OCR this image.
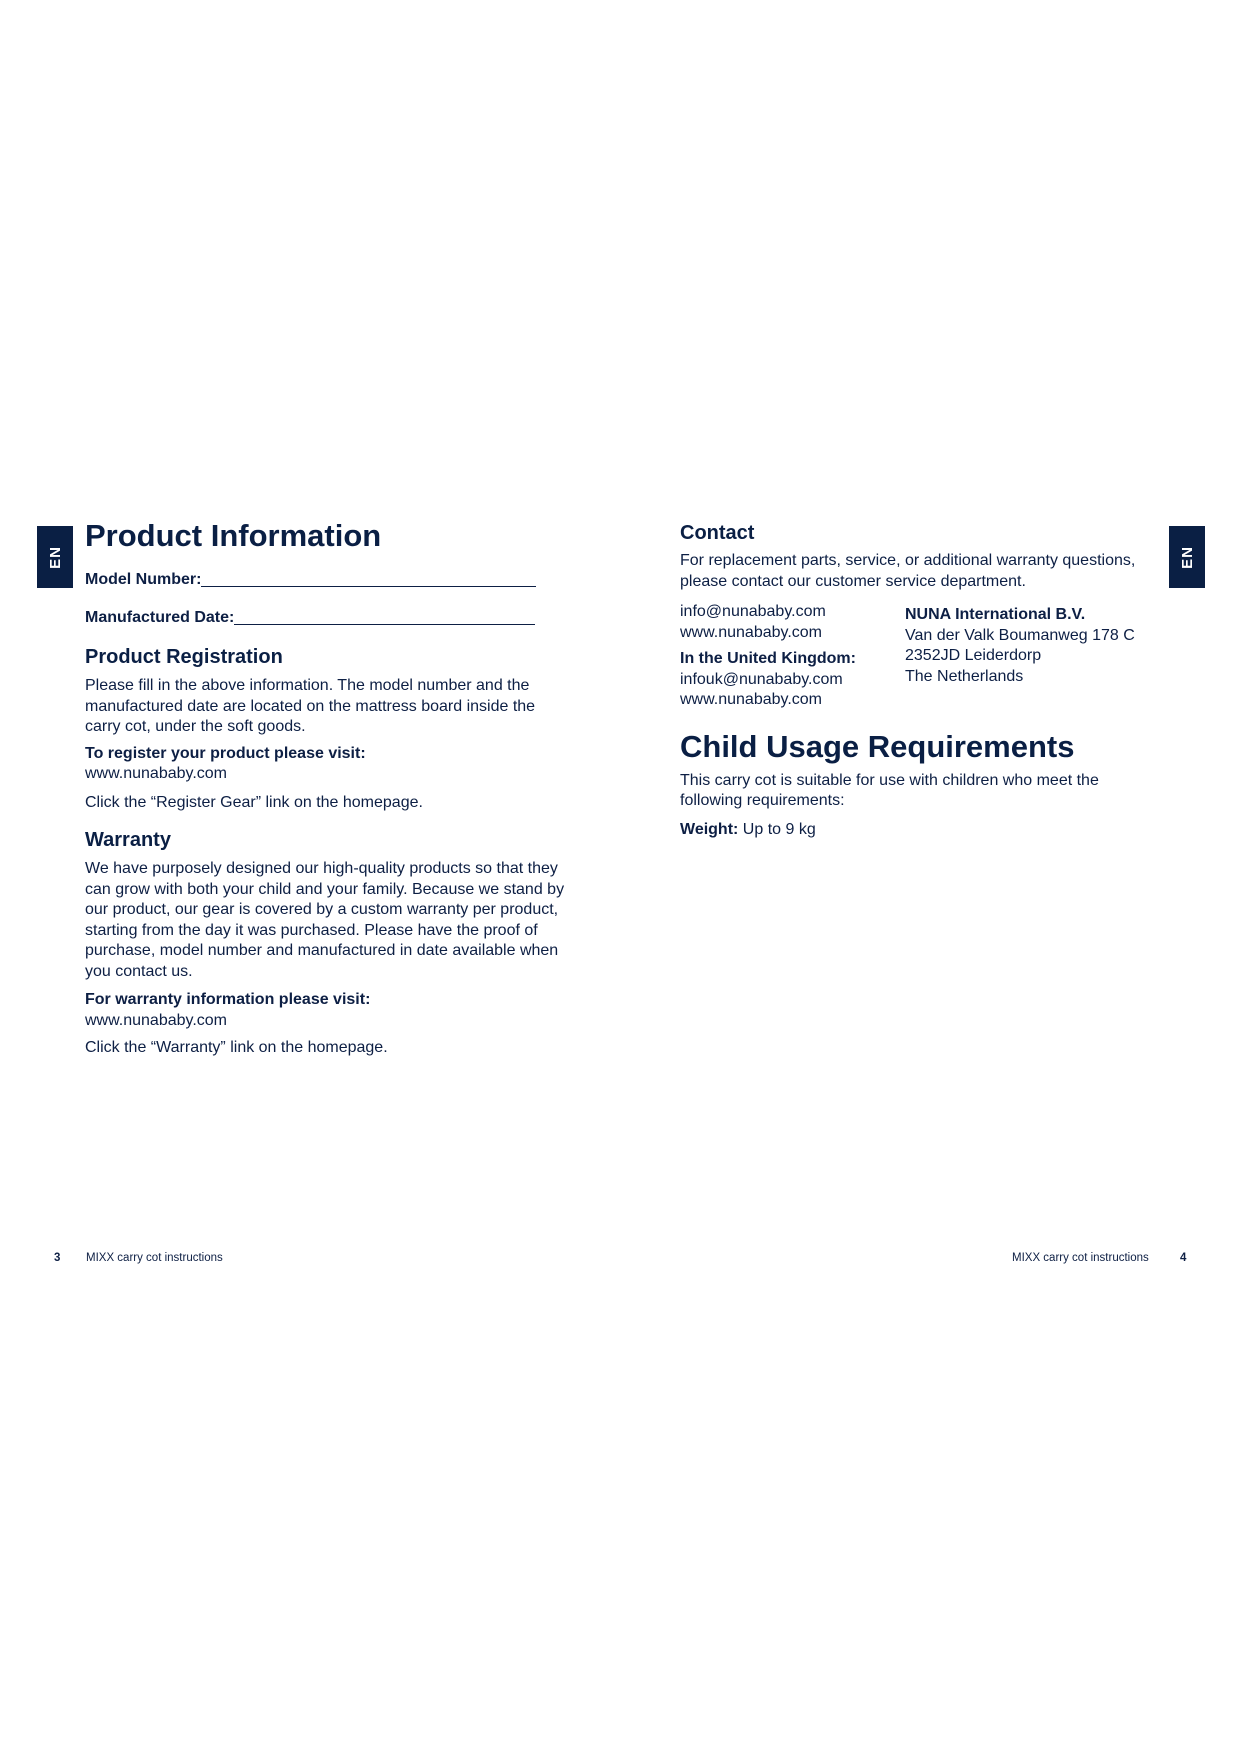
EN	EN
Product Information
Model Number:
Manufactured Date:
Product Registration

Please fill in the above information. The model number and the manufactured date are located on the mattress board inside the carry cot, under the soft goods.

To register your product please visit:

www.nunababy.com

Click the “Register Gear” link on the homepage.

Warranty

We have purposely designed our high-quality products so that they can grow with both your child and your family. Because we stand by our product, our gear is covered by a custom warranty per product, starting from the day it was purchased. Please have the proof of purchase, model number and manufactured in date available when you contact us.

For warranty information please visit:

www.nunababy.com

Click the “Warranty” link on the homepage.

Contact

For replacement parts, service, or additional warranty questions, please contact our customer service department.

info@nunababy.com

www.nunababy.com

In the United Kingdom:

infouk@nunababy.com

www.nunababy.com

NUNA International B.V.

Van der Valk Boumanweg 178 C

2352JD Leiderdorp

The Netherlands

Child Usage Requirements

This carry cot is suitable for use with children who meet the following requirements:

Weight: Up to 9 kg

3 MIXX carry cot instructions	MIXX carry cot instructions	4
